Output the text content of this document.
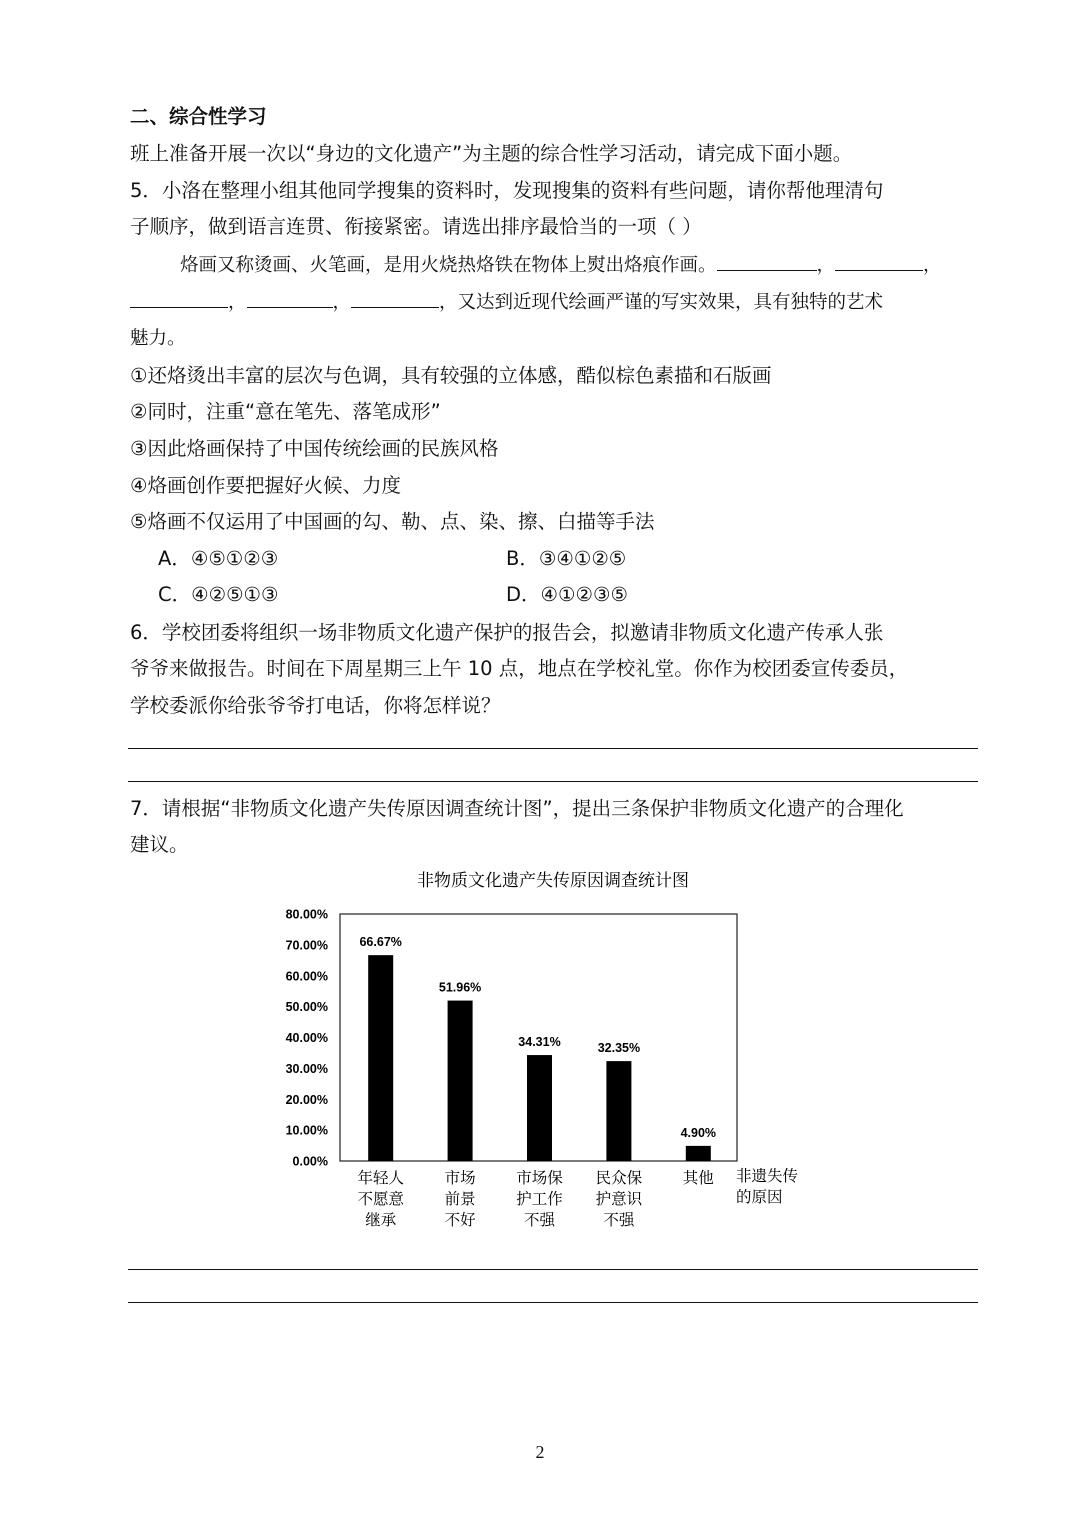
二、综合性学习
班上准备开展一次以“身边的文化遗产”为主题的综合性学习活动，请完成下面小题。
5．小洛在整理小组其他同学搜集的资料时，发现搜集的资料有些问题，请你帮他理清句
子顺序，做到语言连贯、衔接紧密。请选出排序最恰当的一项（ ）
烙画又称烫画、火笔画，是用火烧热烙铁在物体上熨出烙痕作画。	，	，
，	，	，又达到近现代绘画严谨的写实效果，具有独特的艺术
魅力。
①还烙烫出丰富的层次与色调，具有较强的立体感，酷似棕色素描和石版画
②同时，注重“意在笔先、落笔成形”
③因此烙画保持了中国传统绘画的民族风格
④烙画创作要把握好火候、力度
⑤烙画不仅运用了中国画的勾、勒、点、染、擦、白描等手法
A．④⑤①②③	B．③④①②⑤
C．④②⑤①③	D．④①②③⑤
6．学校团委将组织一场非物质文化遗产保护的报告会，拟邀请非物质文化遗产传承人张
爷爷来做报告。时间在下周星期三上午 10 点，地点在学校礼堂。你作为校团委宣传委员，
学校委派你给张爷爷打电话，你将怎样说？
7．请根据“非物质文化遗产失传原因调查统计图”，提出三条保护非物质文化遗产的合理化
建议。
非物质文化遗产失传原因调查统计图
0.00%
10.00%
20.00%
30.00%
40.00%
50.00%
60.00%
70.00%
80.00%
66.67%
51.96%
34.31%	32.35%
4.90%
年轻人
不愿意
继承
市场
前景
不好
市场保
护工作
不强
民众保
护意识
不强
其他 非遗失传
的原因
2
